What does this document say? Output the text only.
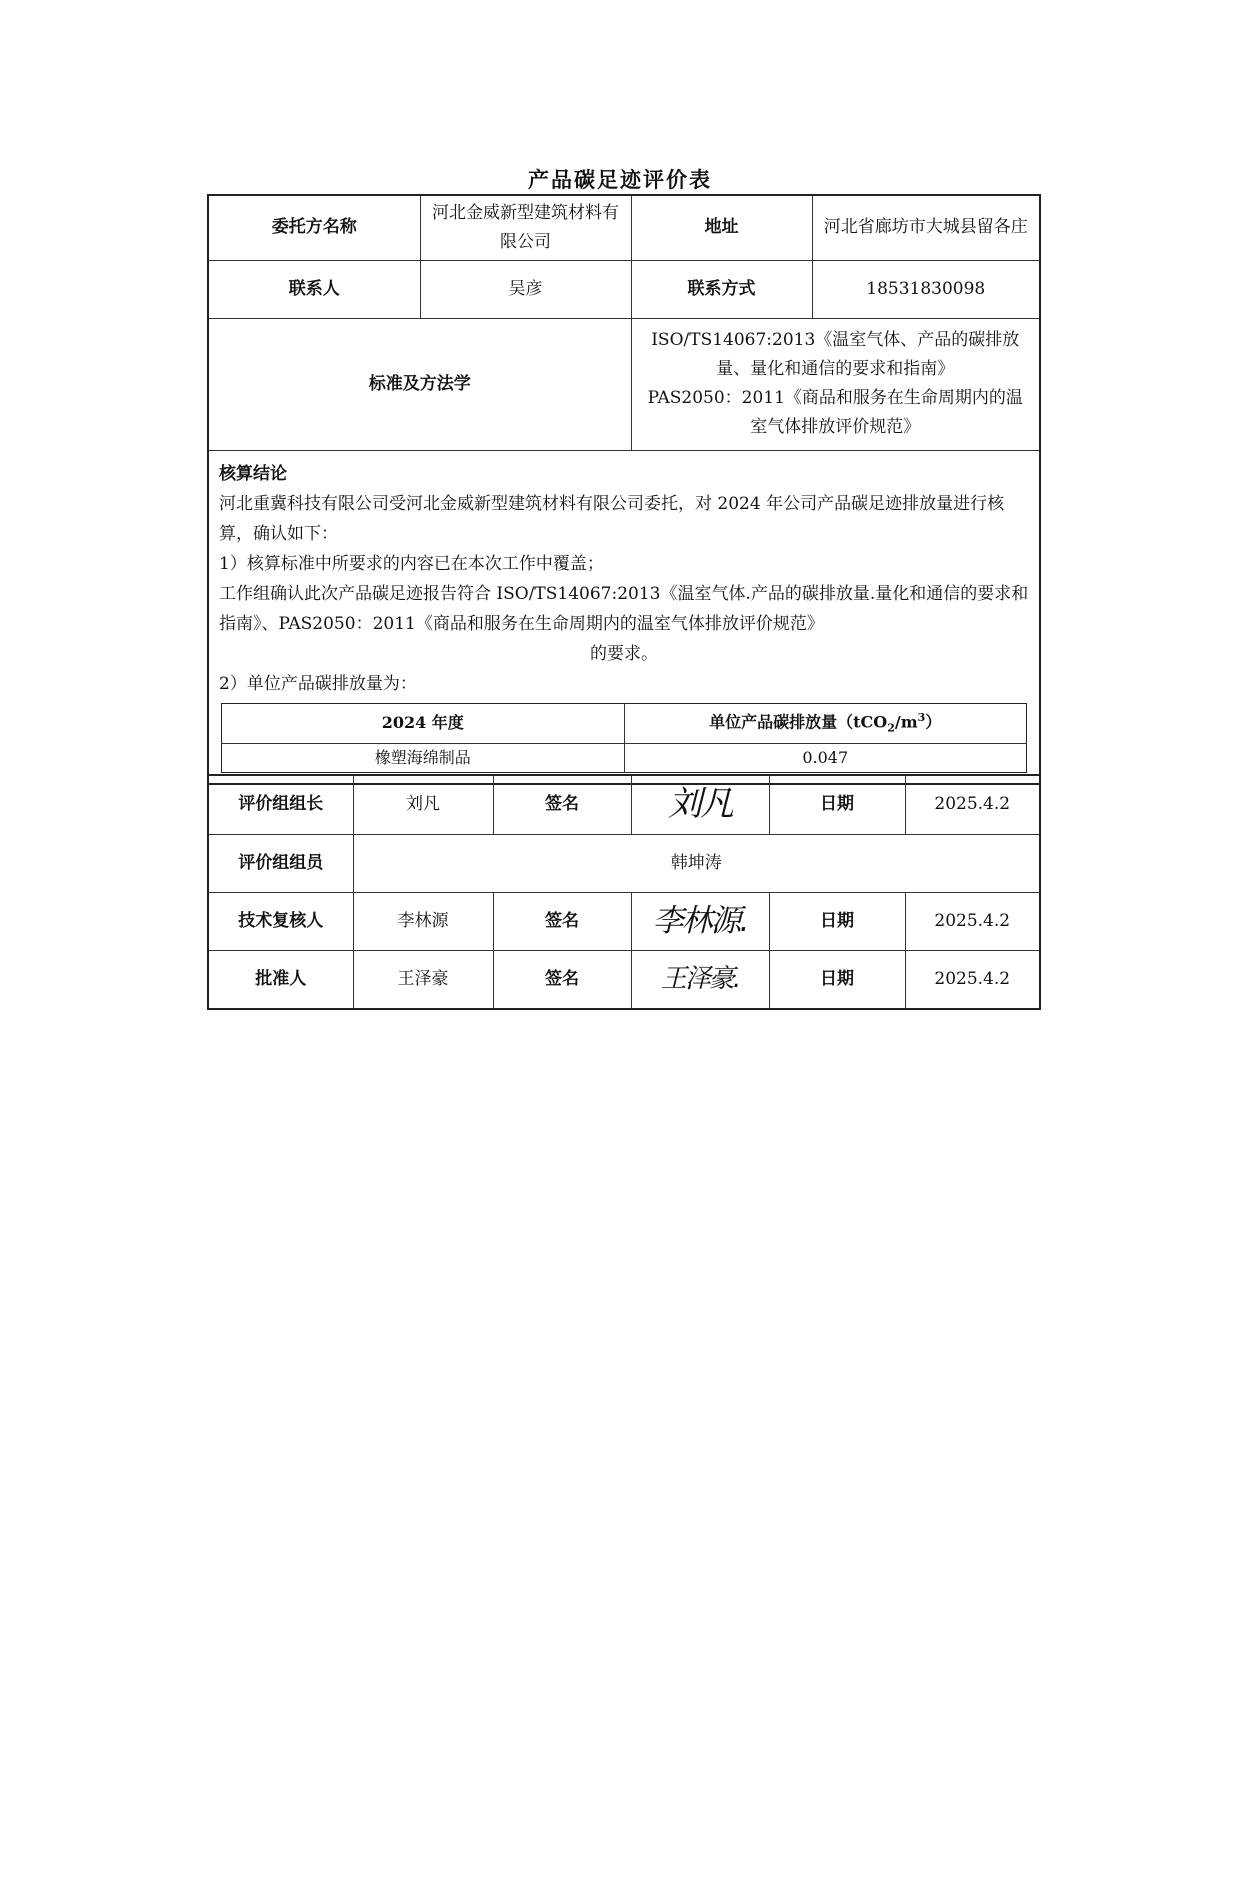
产品碳足迹评价表
委托方名称	河北金威新型建筑材料有限公司	地址	河北省廊坊市大城县留各庄
联系人	吴彦	联系方式	18531830098
标准及方法学		ISO/TS14067:2013《温室气体、产品的碳排放量、量化和通信的要求和指南》
PAS2050：2011《商品和服务在生命周期内的温室气体排放评价规范》	

核算结论

河北重冀科技有限公司受河北金威新型建筑材料有限公司委托，对 2024 年公司产品碳足迹排放量进行核算，确认如下：

1）核算标准中所要求的内容已在本次工作中覆盖；

工作组确认此次产品碳足迹报告符合 ISO/TS14067:2013《温室气体.产品的碳排放量.量化和通信的要求和指南》、PAS2050：2011《商品和服务在生命周期内的温室气体排放评价规范》

的要求。

2）单位产品碳排放量为：

2024 年度	单位产品碳排放量$(tCO_2/m^3)$
橡塑海绵制品	0.047
评价组组长	刘凡	签名	刘凡	日期	2025.4.2
评价组组员	韩坤涛				
技术复核人	李林源	签名	李林源.	日期	2025.4.2
批准人	王泽豪	签名	王泽豪.	日期	2025.4.2
